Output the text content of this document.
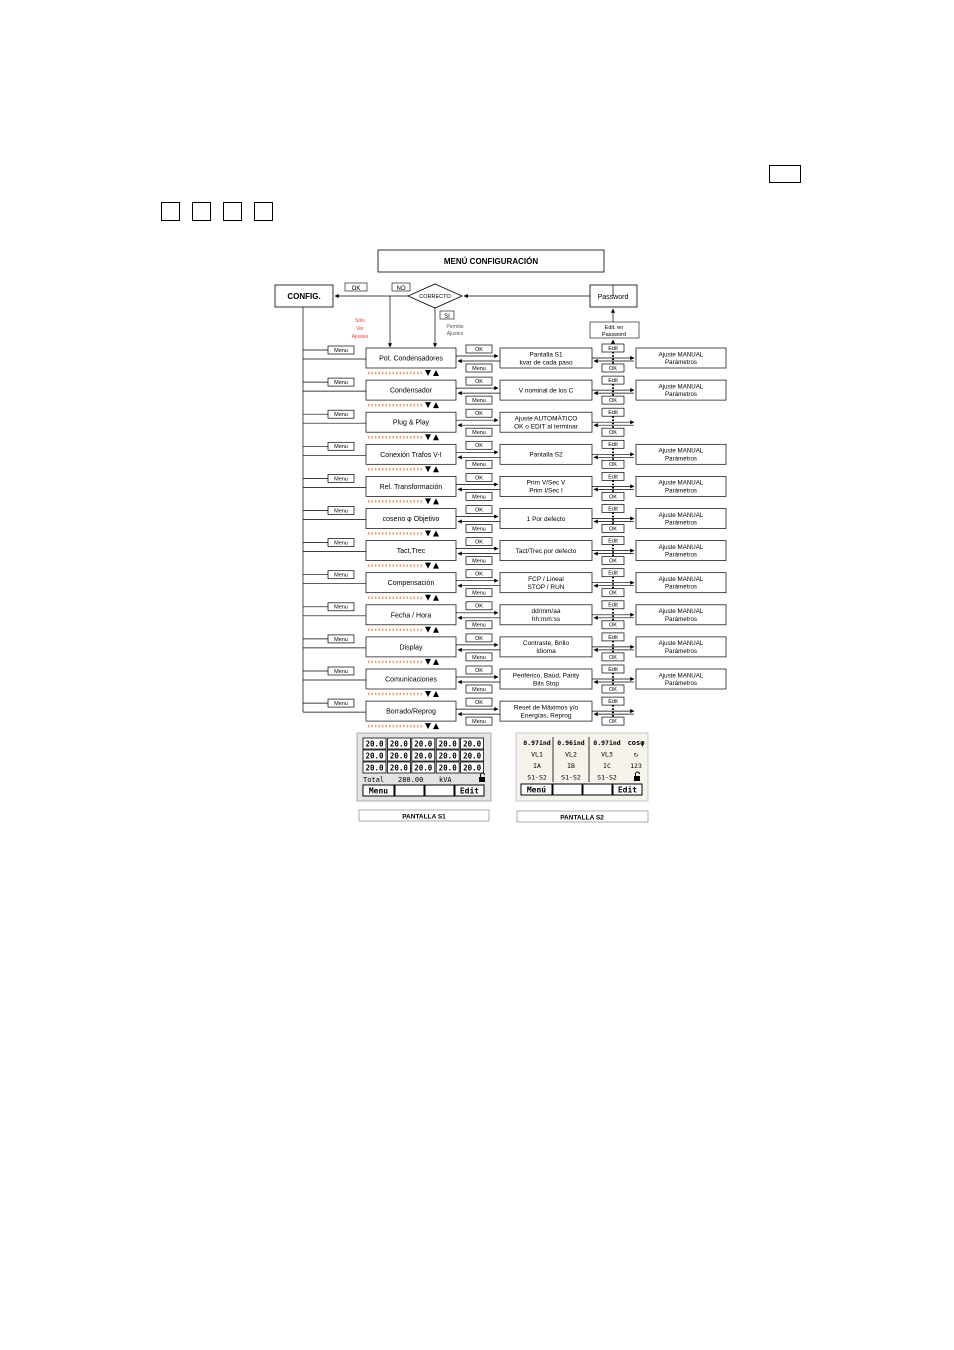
MENÚ CONFIGURACIÓN
CONFIG.
OK	NO
CORRECTO
SI
Password
Edit. en
Password
Sólo
Ver
Ajustes
Permite
Ajustes
Menu
Pot. Condensadores
OK
Menu
Pantalla S1
kvar de cada paso
Edit
OK
Ajuste MANUAL
Parámetros
Menu
Condensador
OK
Menu
V nominal de los C
Edit
OK
Ajuste MANUAL
Parámetros
Menu
Plug & Play
OK
Menu
Ajuste AUTOMÁTICO
OK o EDIT al terminar
Edit
OK
Menu
Conexión Trafos V-I
OK
Menu
Pantalla S2
Edit
OK
Ajuste MANUAL
Parámetros
Menu
Rel. Transformación
OK
Menu
Prim V/Sec V
Prim I/Sec I
Edit
OK
Ajuste MANUAL
Parámetros
Menu
coseno φ Objetivo
OK
Menu
1 Por defecto
Edit
OK
Ajuste MANUAL
Parámetros
Menu
Tact,Trec
OK
Menu
Tact/Trec por defecto
Edit
OK
Ajuste MANUAL
Parámetros
Menu
Compensación
OK
Menu
FCP / Lineal
STOP / RUN
Edit
OK
Ajuste MANUAL
Parámetros
Menu
Fecha / Hora
OK
Menu
dd/mm/aa
hh:mm:ss
Edit
OK
Ajuste MANUAL
Parámetros
Menu
Display
OK
Menu
Contraste, Brillo
Idioma
Edit
OK
Ajuste MANUAL
Parámetros
Menu
Comunicaciones
OK
Menu
Periférico, Baud, Parity
Bits Stop
Edit
OK
Ajuste MANUAL
Parámetros
Menu
Borrado/Reprog
OK
Menu
Reset de Máximos y/o
Energías, Reprog
Edit
OK
20.0 20.0 20.0 20.0 20.0
20.0 20.0 20.0 20.0 20.0
20.0 20.0 20.0 20.0 20.0
Total 280.00 kVA
Menu	Edit
PANTALLA S1
0.97ind 0.96ind 0.97ind cosφ
VL1	VL2	VL3	↻
IA	IB	IC	123
S1-S2 S1-S2	S1-S2
Menú	Edit
PANTALLA S2
